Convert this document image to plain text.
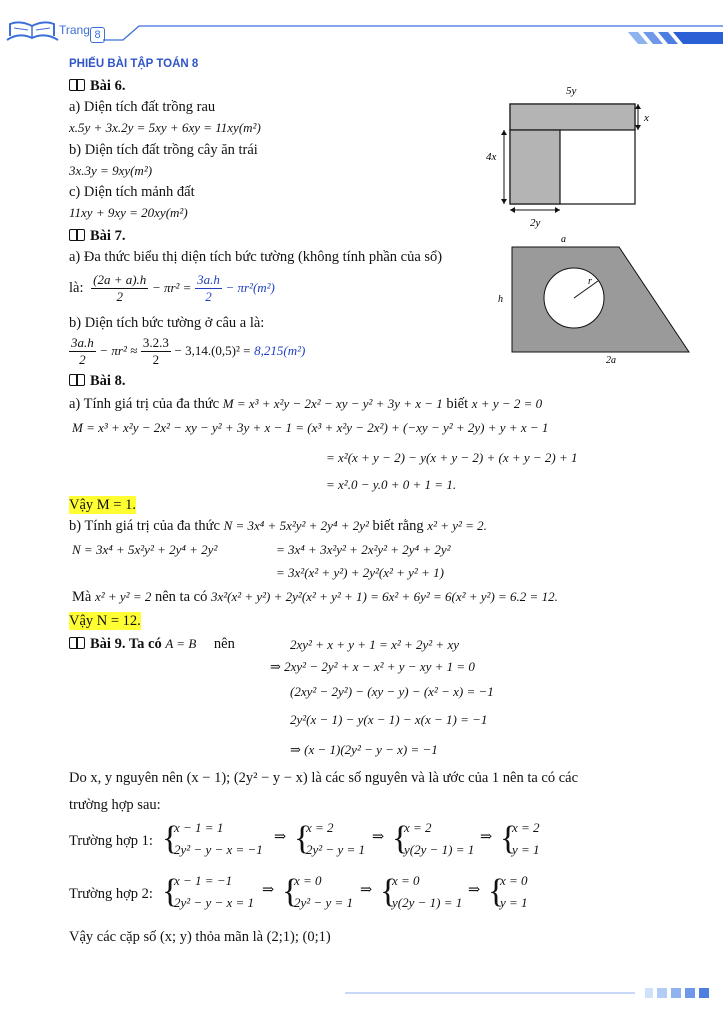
Trang 8
PHIẾU BÀI TẬP TOÁN 8
Bài 6.
a) Diện tích đất trồng rau
x.5y + 3x.2y = 5xy + 6xy = 11xy(m²)
b) Diện tích đất trồng cây ăn trái
3x.3y = 9xy(m²)
c) Diện tích mảnh đất
11xy + 9xy = 20xy(m²)
5y
x
4x
2y
Bài 7.
a) Đa thức biểu thị diện tích bức tường (không tính phần của sổ)
là: $\frac{(2a + a).h}{2} - \pi r^2 = \frac{3a.h}{2} - \pi r^2(m^2)$
b) Diện tích bức tường ở câu a là:
$\frac{3a.h}{2} - \pi r^2 \approx \frac{3.2.3}{2} - 3,14.(0,5)^2 = 8,215(m^2)$
a
h
2a
r
Bài 8.
a) Tính giá trị của đa thức M = x³ + x²y − 2x² − xy − y² + 3y + x − 1 biết x + y − 2 = 0
M = x³ + x²y − 2x² − xy − y² + 3y + x − 1 = (x³ + x²y − 2x²) + (−xy − y² + 2y) + y + x − 1
= x²(x + y − 2) − y(x + y − 2) + (x + y − 2) + 1
= x².0 − y.0 + 0 + 1 = 1.
Vậy M = 1.
b) Tính giá trị của đa thức N = 3x⁴ + 5x²y² + 2y⁴ + 2y² biết rằng x² + y² = 2.
N = 3x⁴ + 5x²y² + 2y⁴ + 2y²	= 3x⁴ + 3x²y² + 2x²y² + 2y⁴ + 2y²
= 3x²(x² + y²) + 2y²(x² + y² + 1)
Mà x² + y² = 2 nên ta có 3x²(x² + y²) + 2y²(x² + y² + 1) = 6x² + 6y² = 6(x² + y²) = 6.2 = 12.
Vậy N = 12.
Bài 9. Ta có A = B nên	2xy² + x + y + 1 = x² + 2y² + xy
⇒ 2xy² − 2y² + x − x² + y − xy + 1 = 0
(2xy² − 2y²) − (xy − y) − (x² − x) = −1
2y²(x − 1) − y(x − 1) − x(x − 1) = −1
⇒ (x − 1)(2y² − y − x) = −1
Do x, y nguyên nên (x − 1); (2y² − y − x) là các số nguyên và là ước của 1 nên ta có các
trường hợp sau:
Trường hợp 1: {
x − 1 = 1
2y² − y − x = −1
⇒ {
x = 2
2y² − y = 1
⇒ {
x = 2
y(2y − 1) = 1
⇒ {
x = 2
y = 1
Trường hợp 2: {
x − 1 = −1
2y² − y − x = 1
⇒ {
x = 0
2y² − y = 1
⇒ {
x = 0
y(2y − 1) = 1
⇒ {
x = 0
y = 1
Vậy các cặp số (x; y) thỏa mãn là (2;1); (0;1)
